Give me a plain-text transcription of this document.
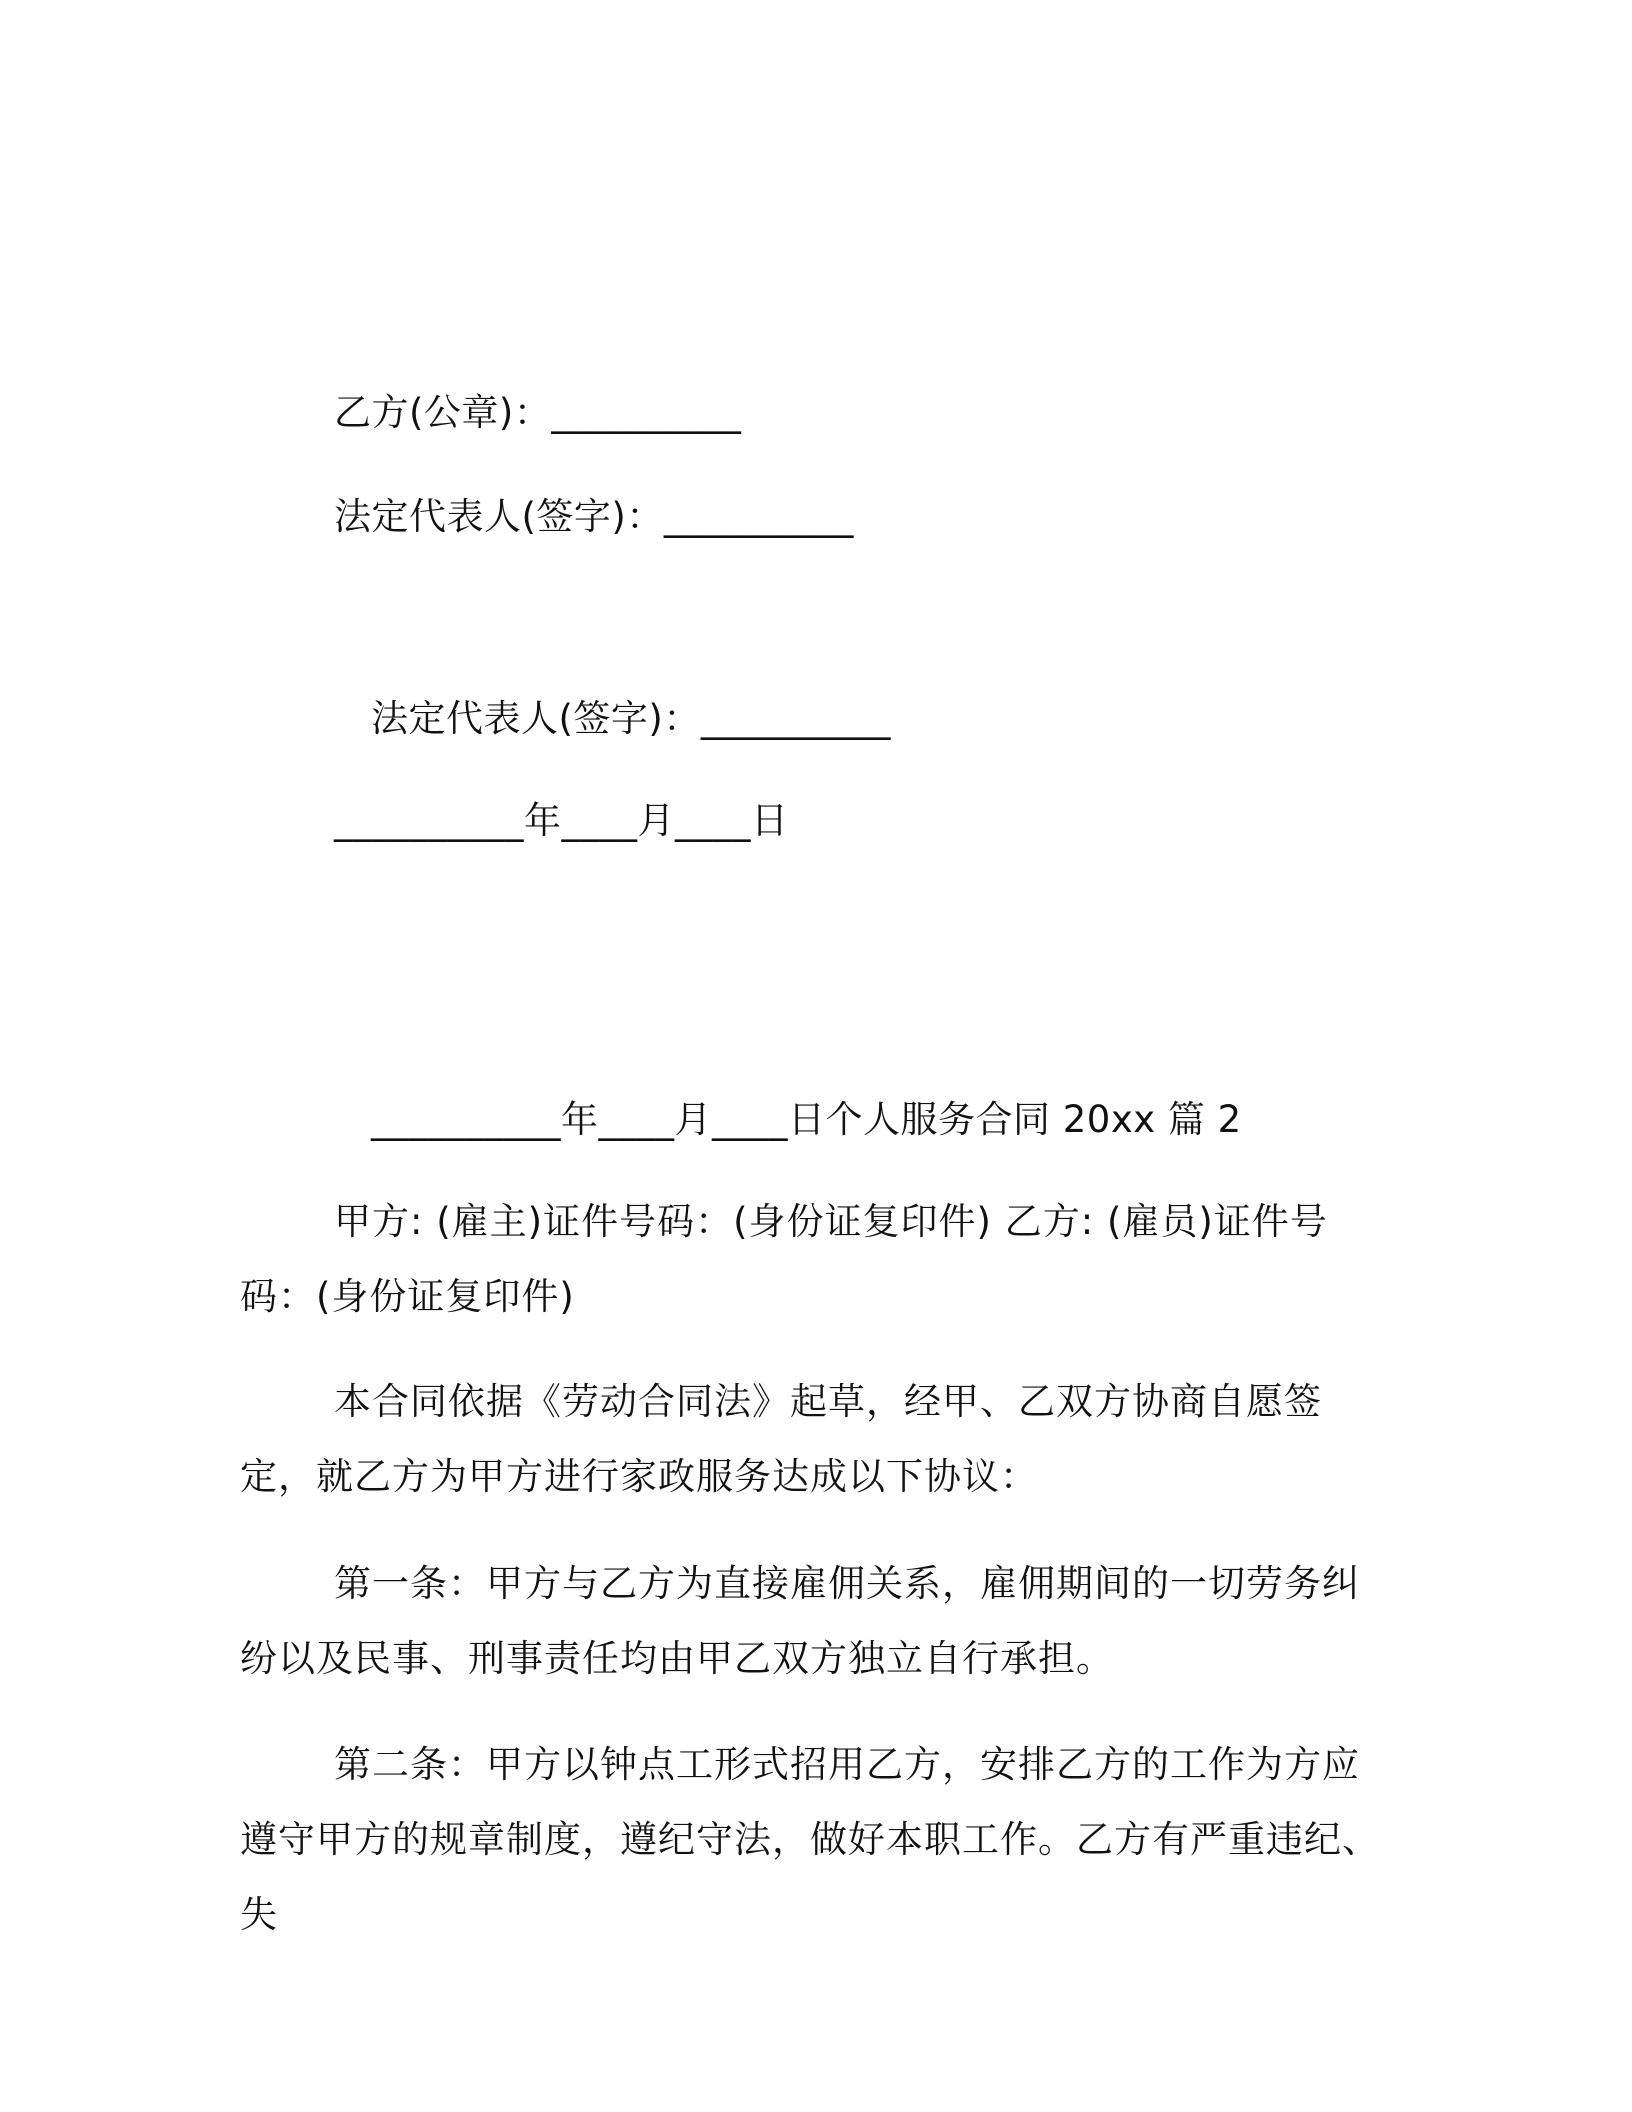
乙方(公章)：__________
法定代表人(签字)：__________
法定代表人(签字)：__________
__________年____月____日
__________年____月____日个人服务合同 20xx 篇 2
甲方: (雇主)证件号码：(身份证复印件) 乙方: (雇员)证件号码：(身份证复印件)
本合同依据《劳动合同法》起草，经甲、乙双方协商自愿签定，就乙方为甲方进行家政服务达成以下协议：
第一条：甲方与乙方为直接雇佣关系，雇佣期间的一切劳务纠纷以及民事、刑事责任均由甲乙双方独立自行承担。
第二条：甲方以钟点工形式招用乙方，安排乙方的工作为方应遵守甲方的规章制度，遵纪守法，做好本职工作。乙方有严重违纪、失
